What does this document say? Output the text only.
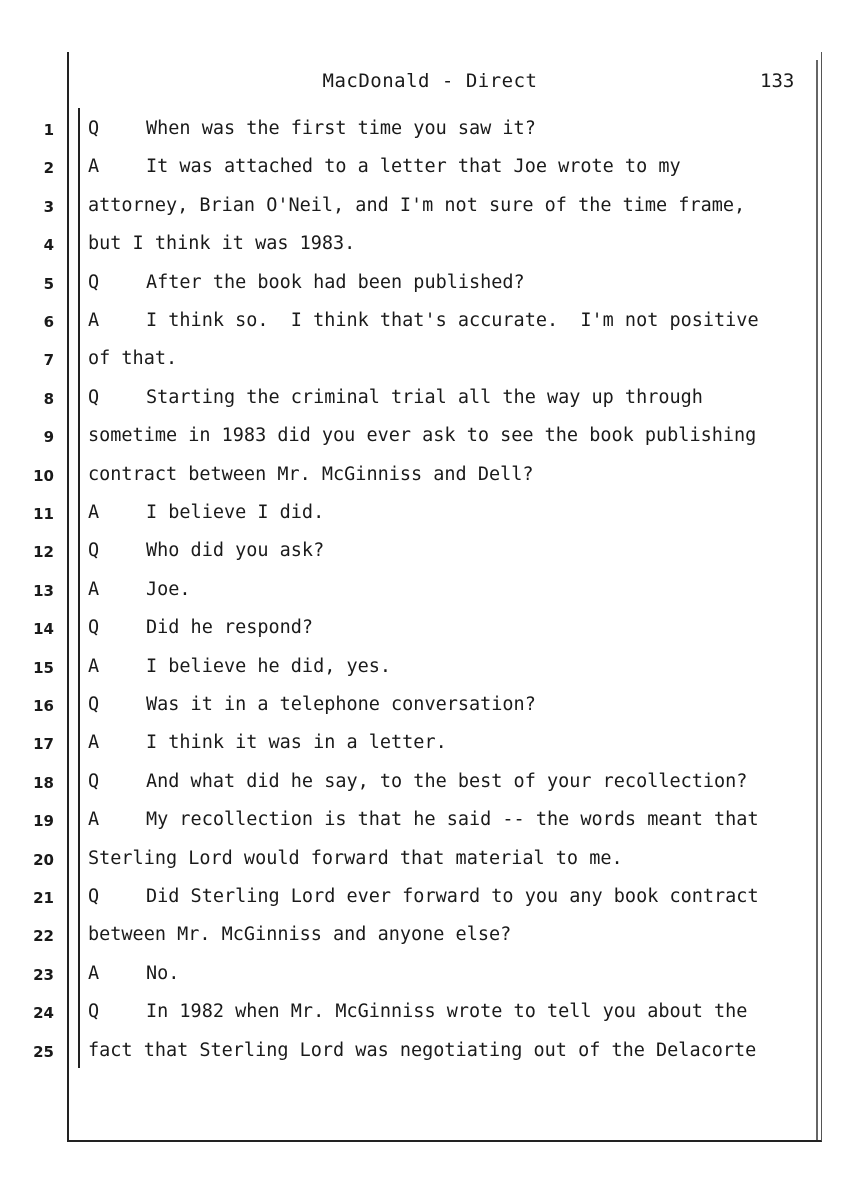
MacDonald - Direct	133
1 Q	When was the first time you saw it?
2 A	It was attached to a letter that Joe wrote to my
3 attorney, Brian O'Neil, and I'm not sure of the time frame,
4 but I think it was 1983.
5 Q	After the book had been published?
6 A	I think so.  I think that's accurate.  I'm not positive
7 of that.
8 Q	Starting the criminal trial all the way up through
9 sometime in 1983 did you ever ask to see the book publishing
10 contract between Mr. McGinniss and Dell?
11 A	I believe I did.
12 Q	Who did you ask?
13 A	Joe.
14 Q	Did he respond?
15 A	I believe he did, yes.
16 Q	Was it in a telephone conversation?
17 A	I think it was in a letter.
18 Q	And what did he say, to the best of your recollection?
19 A	My recollection is that he said -- the words meant that
20 Sterling Lord would forward that material to me.
21 Q	Did Sterling Lord ever forward to you any book contract
22 between Mr. McGinniss and anyone else?
23 A	No.
24 Q	In 1982 when Mr. McGinniss wrote to tell you about the
25 fact that Sterling Lord was negotiating out of the Delacorte
